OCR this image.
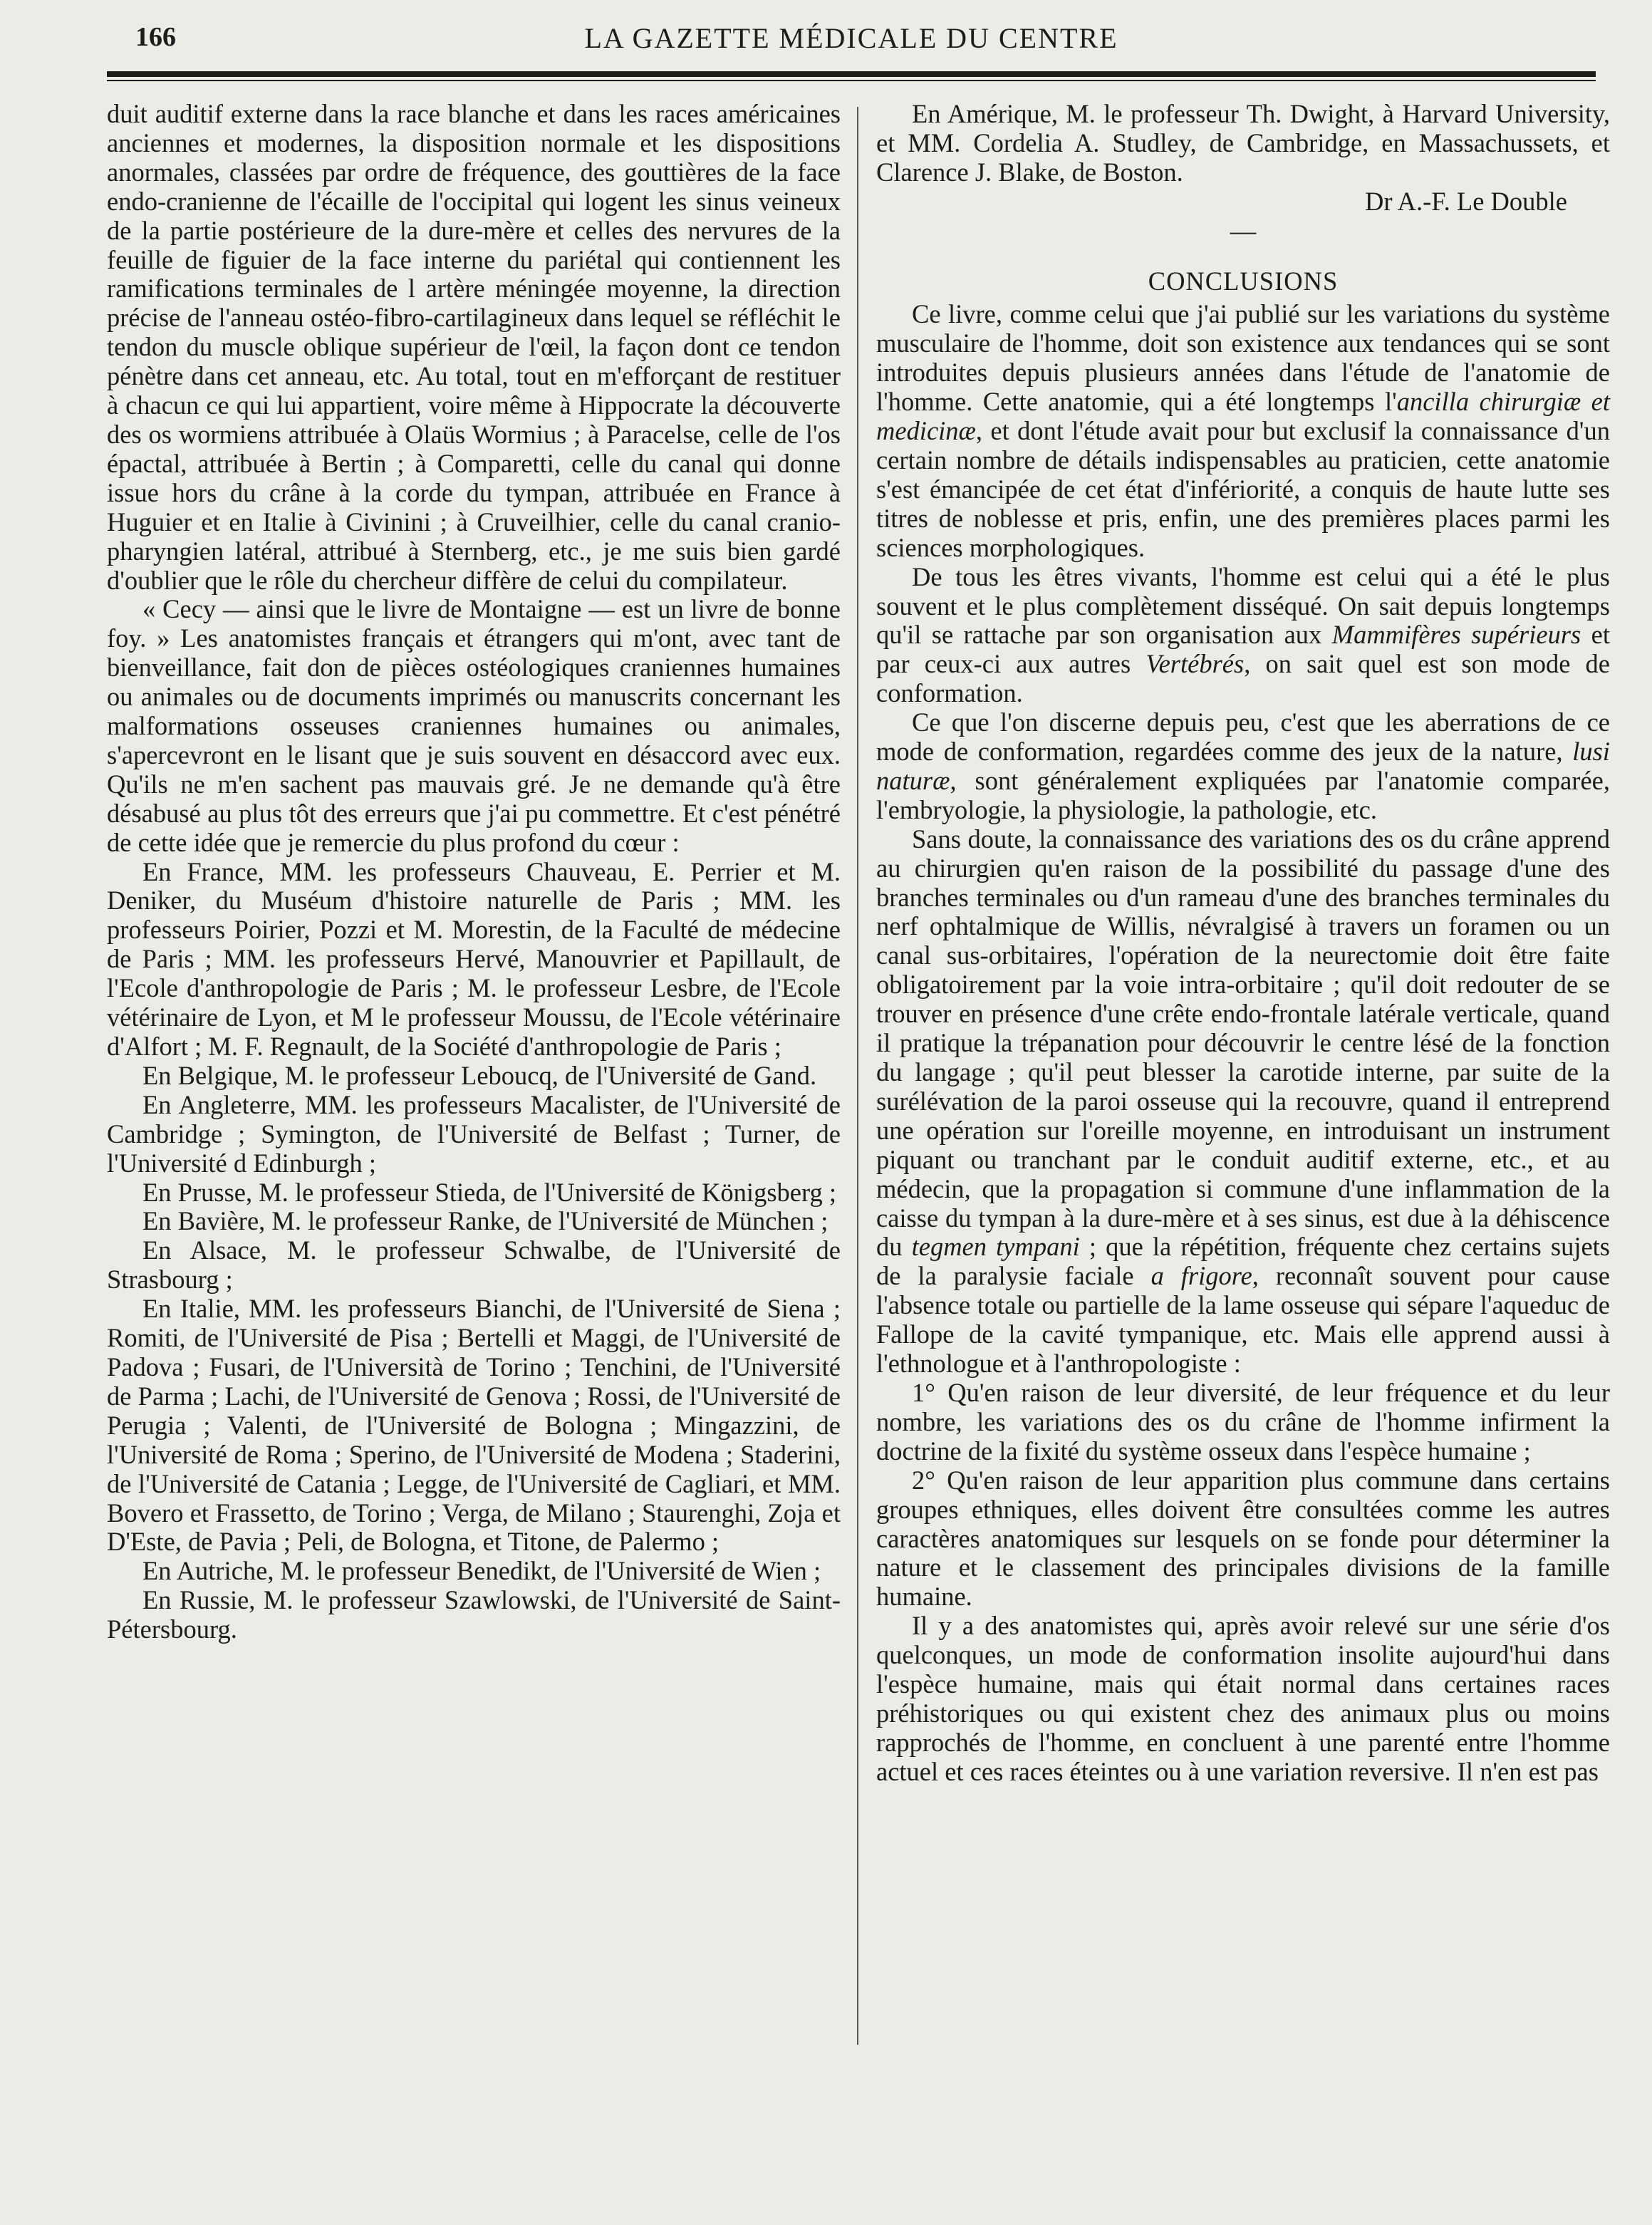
166	LA GAZETTE MÉDICALE DU CENTRE

duit auditif externe dans la race blanche et dans les races américaines anciennes et modernes, la disposition normale et les dispositions anormales, classées par ordre de fréquence, des gouttières de la face endo-cranienne de l'écaille de l'occipital qui logent les sinus veineux de la partie postérieure de la dure-mère et celles des nervures de la feuille de figuier de la face interne du pariétal qui contiennent les ramifications terminales de l artère méningée moyenne, la direction précise de l'anneau ostéo-fibro-cartilagineux dans lequel se réfléchit le tendon du muscle oblique supérieur de l'œil, la façon dont ce tendon pénètre dans cet anneau, etc. Au total, tout en m'efforçant de restituer à chacun ce qui lui appartient, voire même à Hippocrate la découverte des os wormiens attribuée à Olaüs Wormius ; à Paracelse, celle de l'os épactal, attribuée à Bertin ; à Comparetti, celle du canal qui donne issue hors du crâne à la corde du tympan, attribuée en France à Huguier et en Italie à Civinini ; à Cruveilhier, celle du canal cranio-pharyngien latéral, attribué à Sternberg, etc., je me suis bien gardé d'oublier que le rôle du chercheur diffère de celui du compilateur.

« Cecy — ainsi que le livre de Montaigne — est un livre de bonne foy. » Les anatomistes français et étrangers qui m'ont, avec tant de bienveillance, fait don de pièces ostéologiques craniennes humaines ou animales ou de documents imprimés ou manuscrits concernant les malformations osseuses craniennes humaines ou animales, s'apercevront en le lisant que je suis souvent en désaccord avec eux. Qu'ils ne m'en sachent pas mauvais gré. Je ne demande qu'à être désabusé au plus tôt des erreurs que j'ai pu commettre. Et c'est pénétré de cette idée que je remercie du plus profond du cœur :

En France, MM. les professeurs Chauveau, E. Perrier et M. Deniker, du Muséum d'histoire naturelle de Paris ; MM. les professeurs Poirier, Pozzi et M. Morestin, de la Faculté de médecine de Paris ; MM. les professeurs Hervé, Manouvrier et Papillault, de l'Ecole d'anthropologie de Paris ; M. le professeur Lesbre, de l'Ecole vétérinaire de Lyon, et M le professeur Moussu, de l'Ecole vétérinaire d'Alfort ; M. F. Regnault, de la Société d'anthropologie de Paris ;

En Belgique, M. le professeur Leboucq, de l'Université de Gand.

En Angleterre, MM. les professeurs Macalister, de l'Université de Cambridge ; Symington, de l'Université de Belfast ; Turner, de l'Université d Edinburgh ;

En Prusse, M. le professeur Stieda, de l'Université de Königsberg ;

En Bavière, M. le professeur Ranke, de l'Université de München ;

En Alsace, M. le professeur Schwalbe, de l'Université de Strasbourg ;

En Italie, MM. les professeurs Bianchi, de l'Université de Siena ; Romiti, de l'Université de Pisa ; Bertelli et Maggi, de l'Université de Padova ; Fusari, de l'Università de Torino ; Tenchini, de l'Université de Parma ; Lachi, de l'Université de Genova ; Rossi, de l'Université de Perugia ; Valenti, de l'Université de Bologna ; Mingazzini, de l'Université de Roma ; Sperino, de l'Université de Modena ; Staderini, de l'Université de Catania ; Legge, de l'Université de Cagliari, et MM. Bovero et Frassetto, de Torino ; Verga, de Milano ; Staurenghi, Zoja et D'Este, de Pavia ; Peli, de Bologna, et Titone, de Palermo ;

En Autriche, M. le professeur Benedikt, de l'Université de Wien ;

En Russie, M. le professeur Szawlowski, de l'Université de Saint-Pétersbourg.

En Amérique, M. le professeur Th. Dwight, à Harvard University, et MM. Cordelia A. Studley, de Cambridge, en Massachussets, et Clarence J. Blake, de Boston.

Dr A.-F. Le Double

—

CONCLUSIONS

Ce livre, comme celui que j'ai publié sur les variations du système musculaire de l'homme, doit son existence aux tendances qui se sont introduites depuis plusieurs années dans l'étude de l'anatomie de l'homme. Cette anatomie, qui a été longtemps l'ancilla chirurgiæ et medicinæ, et dont l'étude avait pour but exclusif la connaissance d'un certain nombre de détails indispensables au praticien, cette anatomie s'est émancipée de cet état d'infériorité, a conquis de haute lutte ses titres de noblesse et pris, enfin, une des premières places parmi les sciences morphologiques.

De tous les êtres vivants, l'homme est celui qui a été le plus souvent et le plus complètement disséqué. On sait depuis longtemps qu'il se rattache par son organisation aux Mammifères supérieurs et par ceux-ci aux autres Vertébrés, on sait quel est son mode de conformation.

Ce que l'on discerne depuis peu, c'est que les aberrations de ce mode de conformation, regardées comme des jeux de la nature, lusi naturæ, sont généralement expliquées par l'anatomie comparée, l'embryologie, la physiologie, la pathologie, etc.

Sans doute, la connaissance des variations des os du crâne apprend au chirurgien qu'en raison de la possibilité du passage d'une des branches terminales ou d'un rameau d'une des branches terminales du nerf ophtalmique de Willis, névralgisé à travers un foramen ou un canal sus-orbitaires, l'opération de la neurectomie doit être faite obligatoirement par la voie intra-orbitaire ; qu'il doit redouter de se trouver en présence d'une crête endo-frontale latérale verticale, quand il pratique la trépanation pour découvrir le centre lésé de la fonction du langage ; qu'il peut blesser la carotide interne, par suite de la surélévation de la paroi osseuse qui la recouvre, quand il entreprend une opération sur l'oreille moyenne, en introduisant un instrument piquant ou tranchant par le conduit auditif externe, etc., et au médecin, que la propagation si commune d'une inflammation de la caisse du tympan à la dure-mère et à ses sinus, est due à la déhiscence du tegmen tympani ; que la répétition, fréquente chez certains sujets de la paralysie faciale a frigore, reconnaît souvent pour cause l'absence totale ou partielle de la lame osseuse qui sépare l'aqueduc de Fallope de la cavité tympanique, etc. Mais elle apprend aussi à l'ethnologue et à l'anthropologiste :

1° Qu'en raison de leur diversité, de leur fréquence et du leur nombre, les variations des os du crâne de l'homme infirment la doctrine de la fixité du système osseux dans l'espèce humaine ;

2° Qu'en raison de leur apparition plus commune dans certains groupes ethniques, elles doivent être consultées comme les autres caractères anatomiques sur lesquels on se fonde pour déterminer la nature et le classement des principales divisions de la famille humaine.

Il y a des anatomistes qui, après avoir relevé sur une série d'os quelconques, un mode de conformation insolite aujourd'hui dans l'espèce humaine, mais qui était normal dans certaines races préhistoriques ou qui existent chez des animaux plus ou moins rapprochés de l'homme, en concluent à une parenté entre l'homme actuel et ces races éteintes ou à une variation reversive. Il n'en est pas
